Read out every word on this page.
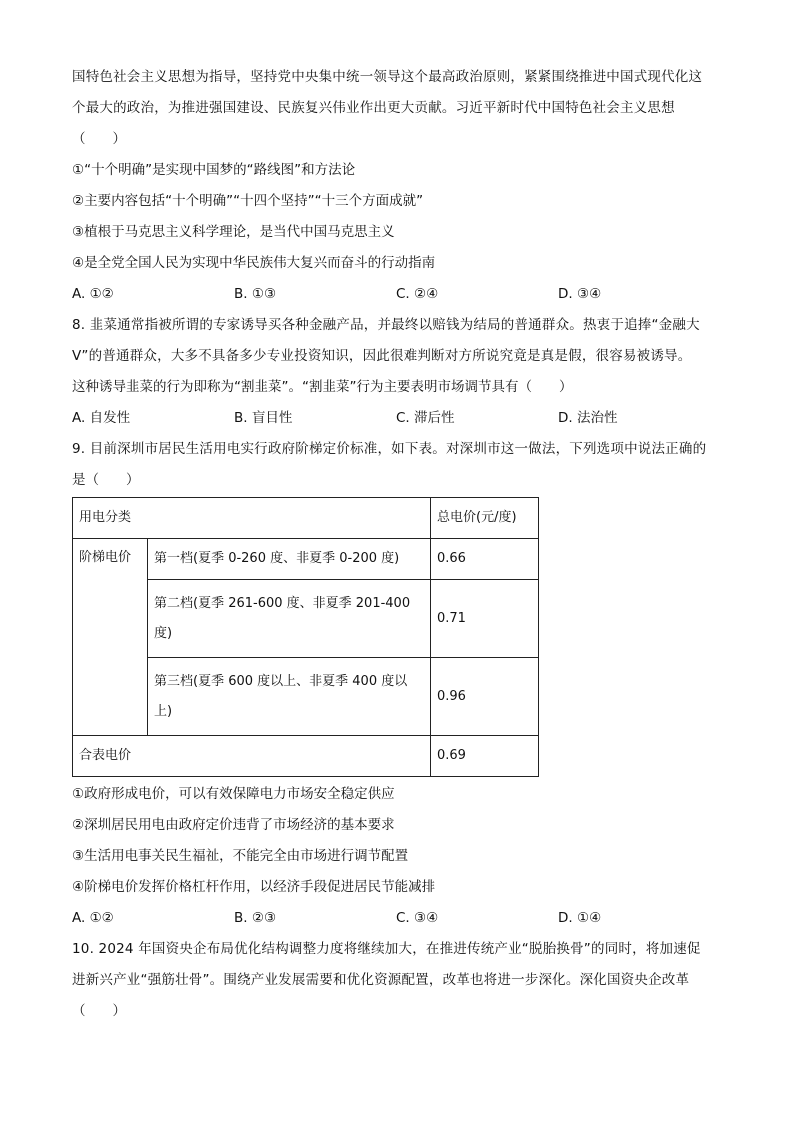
国特色社会主义思想为指导，坚持党中央集中统一领导这个最高政治原则，紧紧围绕推进中国式现代化这
个最大的政治，为推进强国建设、民族复兴伟业作出更大贡献。习近平新时代中国特色社会主义思想
（　　）
①“十个明确”是实现中国梦的“路线图”和方法论
②主要内容包括“十个明确”“十四个坚持”“十三个方面成就”
③植根于马克思主义科学理论，是当代中国马克思主义
④是全党全国人民为实现中华民族伟大复兴而奋斗的行动指南
A. ①②	B. ①③	C. ②④	D. ③④
8. 韭菜通常指被所谓的专家诱导买各种金融产品，并最终以赔钱为结局的普通群众。热衷于追捧“金融大
V”的普通群众，大多不具备多少专业投资知识，因此很难判断对方所说究竟是真是假，很容易被诱导。
这种诱导韭菜的行为即称为“割韭菜”。“割韭菜”行为主要表明市场调节具有（　　）
A. 自发性	B. 盲目性	C. 滞后性	D. 法治性
9. 目前深圳市居民生活用电实行政府阶梯定价标准，如下表。对深圳市这一做法，下列选项中说法正确的
是（　　）
用电分类		总电价(元/度)
阶梯电价	第一档(夏季 0-260 度、非夏季 0-200 度)	0.66

	第二档(夏季 261-600 度、非夏季 201-400
度)	0.71

	第三档(夏季 600 度以上、非夏季 400 度以
上)	0.96
合表电价		0.69
①政府形成电价，可以有效保障电力市场安全稳定供应
②深圳居民用电由政府定价违背了市场经济的基本要求
③生活用电事关民生福祉，不能完全由市场进行调节配置
④阶梯电价发挥价格杠杆作用，以经济手段促进居民节能减排
A. ①②	B. ②③	C. ③④	D. ①④
10. 2024 年国资央企布局优化结构调整力度将继续加大，在推进传统产业“脱胎换骨”的同时，将加速促
进新兴产业“强筋壮骨”。围绕产业发展需要和优化资源配置，改革也将进一步深化。深化国资央企改革
（　　）
